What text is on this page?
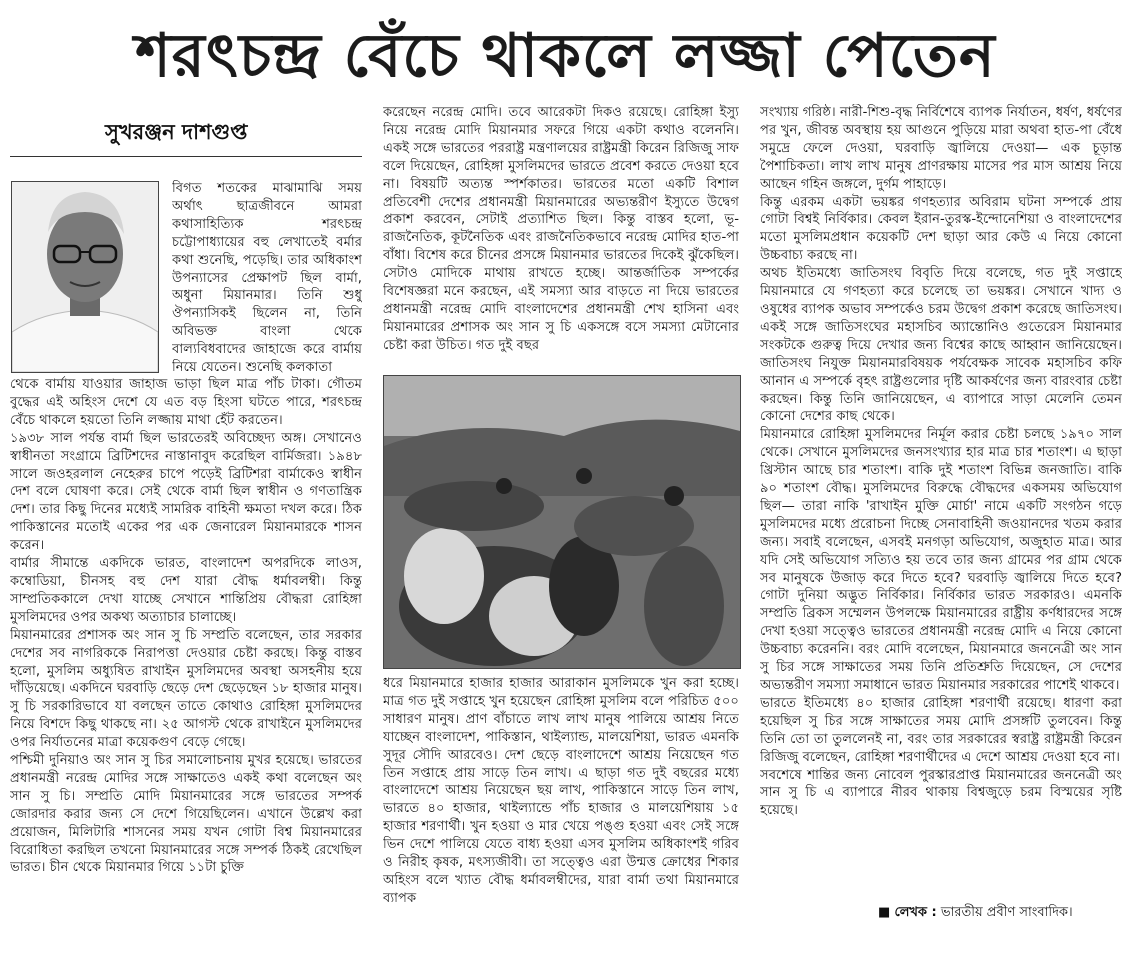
শরৎচন্দ্র বেঁচে থাকলে লজ্জা পেতেন
সুখরঞ্জন দাশগুপ্ত

বিগত শতকের মাঝামাঝি সময় অর্থাৎ ছাত্রজীবনে আমরা কথাসাহিত্যিক শরৎচন্দ্র চট্টোপাধ্যায়ের বহু লেখাতেই বর্মার কথা শুনেছি, পড়েছি। তার অধিকাংশ উপন্যাসের প্রেক্ষাপট ছিল বার্মা, অধুনা মিয়ানমার। তিনি শুধু ঔপন্যাসিকই ছিলেন না, তিনি অবিভক্ত বাংলা থেকে বাল্যবিধবাদের জাহাজে করে বার্মায় নিয়ে যেতেন। শুনেছি কলকাতা

থেকে বার্মায় যাওয়ার জাহাজ ভাড়া ছিল মাত্র পাঁচ টাকা। গৌতম বুদ্ধের এই অহিংস দেশে যে এত বড় হিংসা ঘটতে পারে, শরৎচন্দ্র বেঁচে থাকলে হয়তো তিনি লজ্জায় মাথা হেঁট করতেন।

১৯৩৮ সাল পর্যন্ত বার্মা ছিল ভারতেরই অবিচ্ছেদ্য অঙ্গ। সেখানেও স্বাধীনতা সংগ্রামে ব্রিটিশদের নাস্তানাবুদ করেছিল বার্মিজরা। ১৯৪৮ সালে জওহরলাল নেহেরুর চাপে পড়েই ব্রিটিশরা বার্মাকেও স্বাধীন দেশ বলে ঘোষণা করে। সেই থেকে বার্মা ছিল স্বাধীন ও গণতান্ত্রিক দেশ। তার কিছু দিনের মধ্যেই সামরিক বাহিনী ক্ষমতা দখল করে। ঠিক পাকিস্তানের মতোই একের পর এক জেনারেল মিয়ানমারকে শাসন করেন।

বার্মার সীমান্তে একদিকে ভারত, বাংলাদেশ অপরদিকে লাওস, কম্বোডিয়া, চীনসহ বহু দেশ যারা বৌদ্ধ ধর্মাবলম্বী। কিন্তু সাম্প্রতিককালে দেখা যাচ্ছে সেখানে শান্তিপ্রিয় বৌদ্ধরা রোহিঙ্গা মুসলিমদের ওপর অকথ্য অত্যাচার চালাচ্ছে।

মিয়ানমারের প্রশাসক অং সান সু চি সম্প্রতি বলেছেন, তার সরকার দেশের সব নাগরিককে নিরাপত্তা দেওয়ার চেষ্টা করছে। কিন্তু বাস্তব হলো, মুসলিম অধ্যুষিত রাখাইন মুসলিমদের অবস্থা অসহনীয় হয়ে দাঁড়িয়েছে। একদিনে ঘরবাড়ি ছেড়ে দেশ ছেড়েছেন ১৮ হাজার মানুষ। সু চি সরকারিভাবে যা বলছেন তাতে কোথাও রোহিঙ্গা মুসলিমদের নিয়ে বিশদে কিছু থাকছে না। ২৫ আগস্ট থেকে রাখাইনে মুসলিমদের ওপর নির্যাতনের মাত্রা কয়েকগুণ বেড়ে গেছে।

পশ্চিমী দুনিয়াও অং সান সু চির সমালোচনায় মুখর হয়েছে। ভারতের প্রধানমন্ত্রী নরেন্দ্র মোদির সঙ্গে সাক্ষাতেও একই কথা বলেছেন অং সান সু চি। সম্প্রতি মোদি মিয়ানমারের সঙ্গে ভারতের সম্পর্ক জোরদার করার জন্য সে দেশে গিয়েছিলেন। এখানে উল্লেখ করা প্রয়োজন, মিলিটারি শাসনের সময় যখন গোটা বিশ্ব মিয়ানমারের বিরোধিতা করছিল তখনো মিয়ানমারের সঙ্গে সম্পর্ক ঠিকই রেখেছিল ভারত। চীন থেকে মিয়ানমার গিয়ে ১১টা চুক্তি

করেছেন নরেন্দ্র মোদি। তবে আরেকটা দিকও রয়েছে। রোহিঙ্গা ইস্যু নিয়ে নরেন্দ্র মোদি মিয়ানমার সফরে গিয়ে একটা কথাও বলেননি। একই সঙ্গে ভারতের পররাষ্ট্র মন্ত্রণালয়ের রাষ্ট্রমন্ত্রী কিরেন রিজিজু সাফ বলে দিয়েছেন, রোহিঙ্গা মুসলিমদের ভারতে প্রবেশ করতে দেওয়া হবে না। বিষয়টি অত্যন্ত স্পর্শকাতর। ভারতের মতো একটি বিশাল প্রতিবেশী দেশের প্রধানমন্ত্রী মিয়ানমারের অভ্যন্তরীণ ইস্যুতে উদ্বেগ প্রকাশ করবেন, সেটাই প্রত্যাশিত ছিল। কিন্তু বাস্তব হলো, ভূ-রাজনৈতিক, কূটনৈতিক এবং রাজনৈতিকভাবে নরেন্দ্র মোদির হাত-পা বাঁধা। বিশেষ করে চীনের প্রসঙ্গে মিয়ানমার ভারতের দিকেই ঝুঁকেছিল। সেটাও মোদিকে মাথায় রাখতে হচ্ছে। আন্তর্জাতিক সম্পর্কের বিশেষজ্ঞরা মনে করছেন, এই সমস্যা আর বাড়তে না দিয়ে ভারতের প্রধানমন্ত্রী নরেন্দ্র মোদি বাংলাদেশের প্রধানমন্ত্রী শেখ হাসিনা এবং মিয়ানমারের প্রশাসক অং সান সু চি একসঙ্গে বসে সমস্যা মেটানোর চেষ্টা করা উচিত। গত দুই বছর

ধরে মিয়ানমারে হাজার হাজার আরাকান মুসলিমকে খুন করা হচ্ছে। মাত্র গত দুই সপ্তাহে খুন হয়েছেন রোহিঙ্গা মুসলিম বলে পরিচিত ৫০০ সাধারণ মানুষ। প্রাণ বাঁচাতে লাখ লাখ মানুষ পালিয়ে আশ্রয় নিতে যাচ্ছেন বাংলাদেশ, পাকিস্তান, থাইল্যান্ড, মালয়েশিয়া, ভারত এমনকি সুদূর সৌদি আরবেও। দেশ ছেড়ে বাংলাদেশে আশ্রয় নিয়েছেন গত তিন সপ্তাহে প্রায় সাড়ে তিন লাখ। এ ছাড়া গত দুই বছরের মধ্যে বাংলাদেশে আশ্রয় নিয়েছেন ছয় লাখ, পাকিস্তানে সাড়ে তিন লাখ, ভারতে ৪০ হাজার, থাইল্যান্ডে পাঁচ হাজার ও মালয়েশিয়ায় ১৫ হাজার শরণার্থী। খুন হওয়া ও মার খেয়ে পঙ্গু হওয়া এবং সেই সঙ্গে ভিন দেশে পালিয়ে যেতে বাধ্য হওয়া এসব মুসলিম অধিকাংশই গরিব ও নিরীহ কৃষক, মৎস্যজীবী। তা সত্ত্বেও এরা উন্মত্ত ক্রোধের শিকার অহিংস বলে খ্যাত বৌদ্ধ ধর্মাবলম্বীদের, যারা বার্মা তথা মিয়ানমারে ব্যাপক

সংখ্যায় গরিষ্ঠ। নারী-শিশু-বৃদ্ধ নির্বিশেষে ব্যাপক নির্যাতন, ধর্ষণ, ধর্ষণের পর খুন, জীবন্ত অবস্থায় হয় আগুনে পুড়িয়ে মারা অথবা হাত-পা বেঁধে সমুদ্রে ফেলে দেওয়া, ঘরবাড়ি জ্বালিয়ে দেওয়া— এক চূড়ান্ত পৈশাচিকতা। লাখ লাখ মানুষ প্রাণরক্ষায় মাসের পর মাস আশ্রয় নিয়ে আছেন গহিন জঙ্গলে, দুর্গম পাহাড়ে।

কিন্তু এরকম একটা ভয়ঙ্কর গণহত্যার অবিরাম ঘটনা সম্পর্কে প্রায় গোটা বিশ্বই নির্বিকার। কেবল ইরান-তুরস্ক-ইন্দোনেশিয়া ও বাংলাদেশের মতো মুসলিমপ্রধান কয়েকটি দেশ ছাড়া আর কেউ এ নিয়ে কোনো উচ্চবাচ্য করছে না।

অথচ ইতিমধ্যে জাতিসংঘ বিবৃতি দিয়ে বলেছে, গত দুই সপ্তাহে মিয়ানমারে যে গণহত্যা করে চলেছে তা ভয়ঙ্কর। সেখানে খাদ্য ও ওষুধের ব্যাপক অভাব সম্পর্কেও চরম উদ্বেগ প্রকাশ করেছে জাতিসংঘ। একই সঙ্গে জাতিসংঘের মহাসচিব অ্যান্তোনিও গুতেরেস মিয়ানমার সংকটকে গুরুত্ব দিয়ে দেখার জন্য বিশ্বের কাছে আহ্বান জানিয়েছেন। জাতিসংঘ নিযুক্ত মিয়ানমারবিষয়ক পর্যবেক্ষক সাবেক মহাসচিব কফি আনান এ সম্পর্কে বৃহৎ রাষ্ট্রগুলোর দৃষ্টি আকর্ষণের জন্য বারংবার চেষ্টা করছেন। কিন্তু তিনি জানিয়েছেন, এ ব্যাপারে সাড়া মেলেনি তেমন কোনো দেশের কাছ থেকে।

মিয়ানমারে রোহিঙ্গা মুসলিমদের নির্মূল করার চেষ্টা চলছে ১৯৭০ সাল থেকে। সেখানে মুসলিমদের জনসংখ্যার হার মাত্র চার শতাংশ। এ ছাড়া খ্রিস্টান আছে চার শতাংশ। বাকি দুই শতাংশ বিভিন্ন জনজাতি। বাকি ৯০ শতাংশ বৌদ্ধ। মুসলিমদের বিরুদ্ধে বৌদ্ধদের একসময় অভিযোগ ছিল— তারা নাকি 'রাখাইন মুক্তি মোর্চা' নামে একটি সংগঠন গড়ে মুসলিমদের মধ্যে প্ররোচনা দিচ্ছে সেনাবাহিনী জওয়ানদের খতম করার জন্য। সবাই বলেছেন, এসবই মনগড়া অভিযোগ, অজুহাত মাত্র। আর যদি সেই অভিযোগ সত্যিও হয় তবে তার জন্য গ্রামের পর গ্রাম থেকে সব মানুষকে উজাড় করে দিতে হবে? ঘরবাড়ি জ্বালিয়ে দিতে হবে? গোটা দুনিয়া অদ্ভুত নির্বিকার। নির্বিকার ভারত সরকারও। এমনকি সম্প্রতি ব্রিকস সম্মেলন উপলক্ষে মিয়ানমারের রাষ্ট্রীয় কর্ণধারদের সঙ্গে দেখা হওয়া সত্ত্বেও ভারতের প্রধানমন্ত্রী নরেন্দ্র মোদি এ নিয়ে কোনো উচ্চবাচ্য করেননি। বরং মোদি বলেছেন, মিয়ানমারে জননেত্রী অং সান সু চির সঙ্গে সাক্ষাতের সময় তিনি প্রতিশ্রুতি দিয়েছেন, সে দেশের অভ্যন্তরীণ সমস্যা সমাধানে ভারত মিয়ানমার সরকারের পাশেই থাকবে।

ভারতে ইতিমধ্যে ৪০ হাজার রোহিঙ্গা শরণার্থী রয়েছে। ধারণা করা হয়েছিল সু চির সঙ্গে সাক্ষাতের সময় মোদি প্রসঙ্গটি তুলবেন। কিন্তু তিনি তো তা তুললেনই না, বরং তার সরকারের স্বরাষ্ট্র রাষ্ট্রমন্ত্রী কিরেন রিজিজু বলেছেন, রোহিঙ্গা শরণার্থীদের এ দেশে আশ্রয় দেওয়া হবে না।

সবশেষে শান্তির জন্য নোবেল পুরস্কারপ্রাপ্ত মিয়ানমারের জননেত্রী অং সান সু চি এ ব্যাপারে নীরব থাকায় বিশ্বজুড়ে চরম বিস্ময়ের সৃষ্টি হয়েছে।

■ লেখক : ভারতীয় প্রবীণ সাংবাদিক।
